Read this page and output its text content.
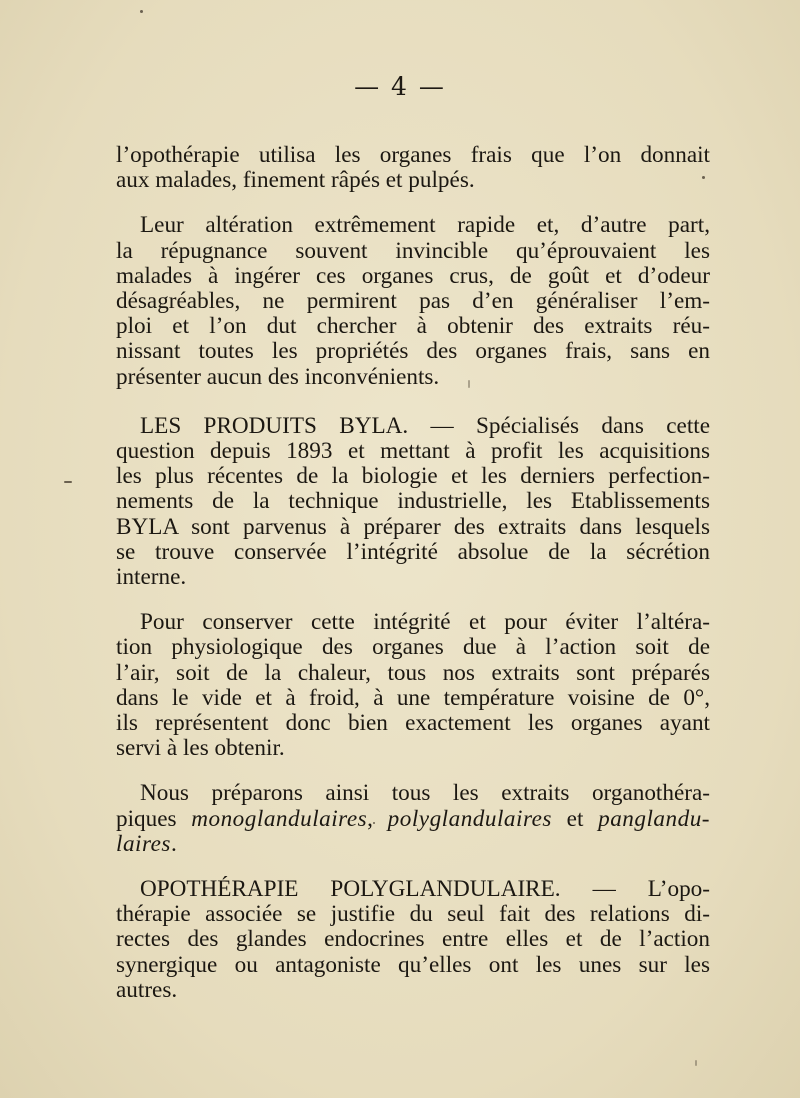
— 4 —

l’opothérapie utilisa les organes frais que l’on donnait
aux malades, finement râpés et pulpés.

Leur altération extrêmement rapide et, d’autre part,
la répugnance souvent invincible qu’éprouvaient les
malades à ingérer ces organes crus, de goût et d’odeur
désagréables, ne permirent pas d’en généraliser l’em-
ploi et l’on dut chercher à obtenir des extraits réu-
nissant toutes les propriétés des organes frais, sans en
présenter aucun des inconvénients.

LES PRODUITS BYLA. — Spécialisés dans cette
question depuis 1893 et mettant à profit les acquisitions
les plus récentes de la biologie et les derniers perfection-
nements de la technique industrielle, les Etablissements
BYLA sont parvenus à préparer des extraits dans lesquels
se trouve conservée l’intégrité absolue de la sécrétion
interne.

Pour conserver cette intégrité et pour éviter l’altéra-
tion physiologique des organes due à l’action soit de
l’air, soit de la chaleur, tous nos extraits sont préparés
dans le vide et à froid, à une température voisine de 0°,
ils représentent donc bien exactement les organes ayant
servi à les obtenir.

Nous préparons ainsi tous les extraits organothéra-
piques monoglandulaires, polyglandulaires et panglandu-
laires.

OPOTHÉRAPIE POLYGLANDULAIRE. — L’opo-
thérapie associée se justifie du seul fait des relations di-
rectes des glandes endocrines entre elles et de l’action
synergique ou antagoniste qu’elles ont les unes sur les
autres.
